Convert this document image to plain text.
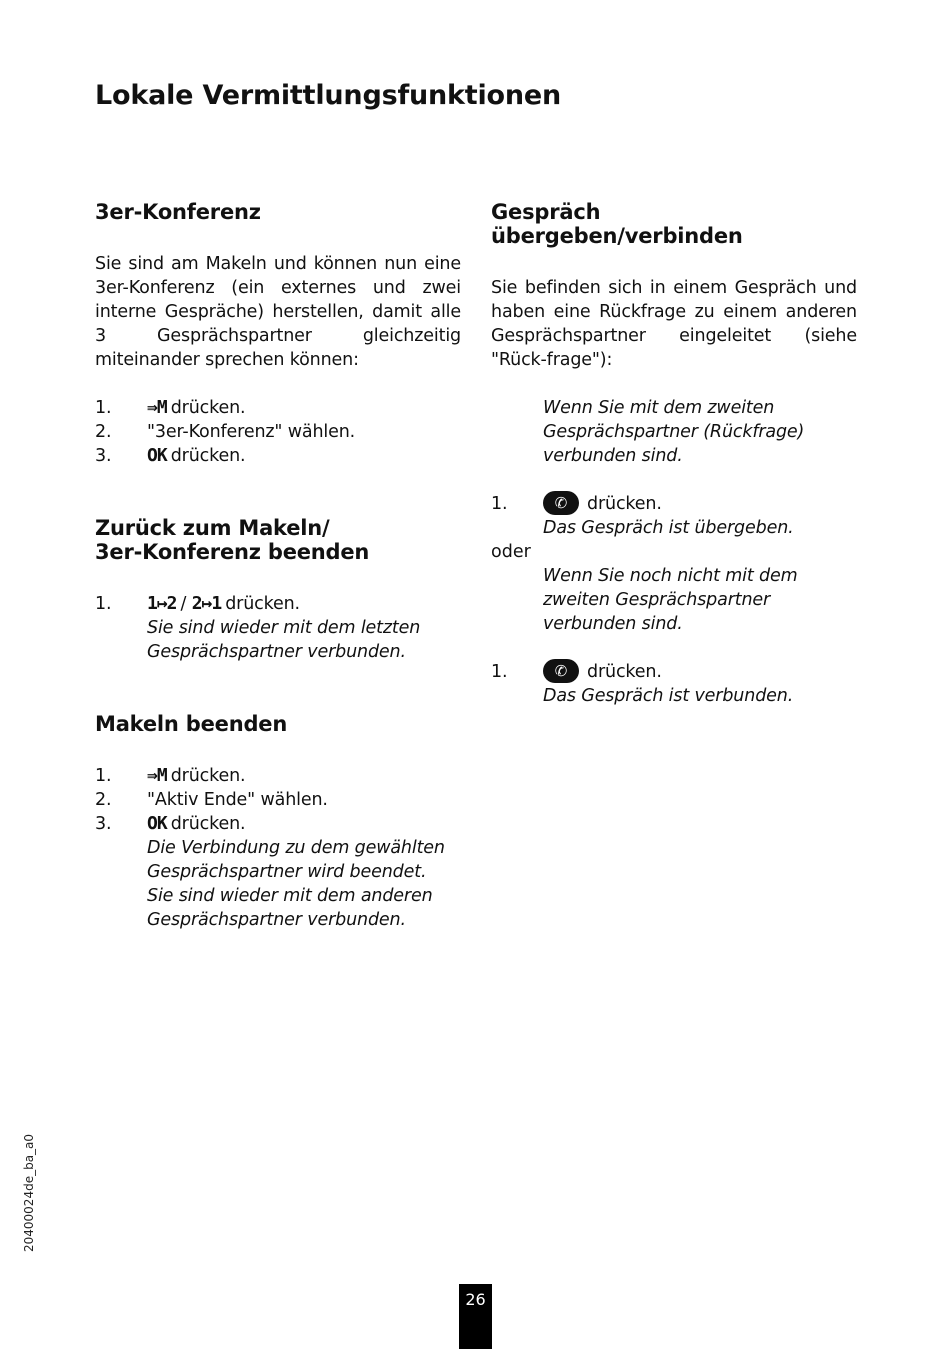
Lokale Vermittlungsfunktionen
3er-Konferenz

Sie sind am Makeln und können nun eine 3er-Konferenz (ein externes und zwei interne Gespräche) herstellen, damit alle 3 Gesprächspartner gleichzeitig miteinander sprechen können:

1. ⇛M drücken.
2. "3er-Konferenz" wählen.
3. OK drücken.
Zurück zum Makeln/
3er-Konferenz beenden
1. 1↦2 / 2↦1 drücken.
Sie sind wieder mit dem letzten
Gesprächspartner verbunden.
Makeln beenden
1. ⇛M drücken.
2. "Aktiv Ende" wählen.
3. OK drücken.
Die Verbindung zu dem gewählten
Gesprächspartner wird beendet.
Sie sind wieder mit dem anderen
Gesprächspartner verbunden.
Gespräch übergeben/verbinden

Sie befinden sich in einem Gespräch und haben eine Rückfrage zu einem anderen Gesprächspartner eingeleitet (siehe "Rück-frage"):

Wenn Sie mit dem zweiten
Gesprächspartner (Rückfrage)
verbunden sind.
1.	✆ drücken.
Das Gespräch ist übergeben.
oder
Wenn Sie noch nicht mit dem
zweiten Gesprächspartner
verbunden sind.
1.	✆ drücken.
Das Gespräch ist verbunden.
20400024de_ba_a0
26
